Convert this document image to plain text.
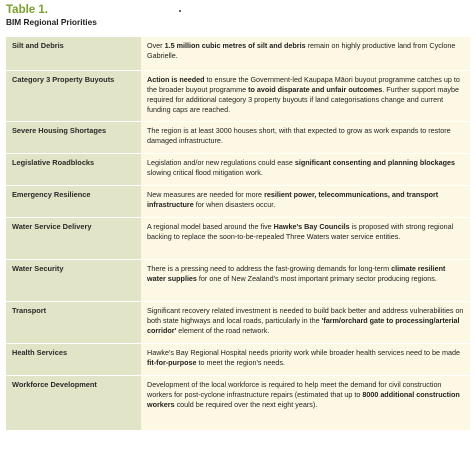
Table 1.
BIM Regional Priorities
Silt and Debris	Over 1.5 million cubic metres of silt and debris remain on highly productive land from Cyclone Gabrielle.
Category 3 Property Buyouts	Action is needed to ensure the Government-led Kaupapa Māori buyout programme catches up to the broader buyout programme to avoid disparate and unfair outcomes. Further support maybe required for additional category 3 property buyouts if land categorisations change and current funding caps are reached.
Severe Housing Shortages	The region is at least 3000 houses short, with that expected to grow as work expands to restore damaged infrastructure.
Legislative Roadblocks	Legislation and/or new regulations could ease significant consenting and planning blockages slowing critical flood mitigation work.
Emergency Resilience	New measures are needed for more resilient power, telecommunications, and transport infrastructure for when disasters occur.
Water Service Delivery	A regional model based around the five Hawke's Bay Councils is proposed with strong regional backing to replace the soon-to-be-repealed Three Waters water service entities.
Water Security	There is a pressing need to address the fast-growing demands for long-term climate resilient water supplies for one of New Zealand's most important primary sector producing regions.
Transport	Significant recovery related investment is needed to build back better and address vulnerabilities on both state highways and local roads, particularly in the 'farm/orchard gate to processing/arterial corridor' element of the road network.
Health Services	Hawke's Bay Regional Hospital needs priority work while broader health services need to be made fit-for-purpose to meet the region's needs.
Workforce Development	Development of the local workforce is required to help meet the demand for civil construction workers for post-cyclone infrastructure repairs (estimated that up to 8000 additional construction workers could be required over the next eight years).
